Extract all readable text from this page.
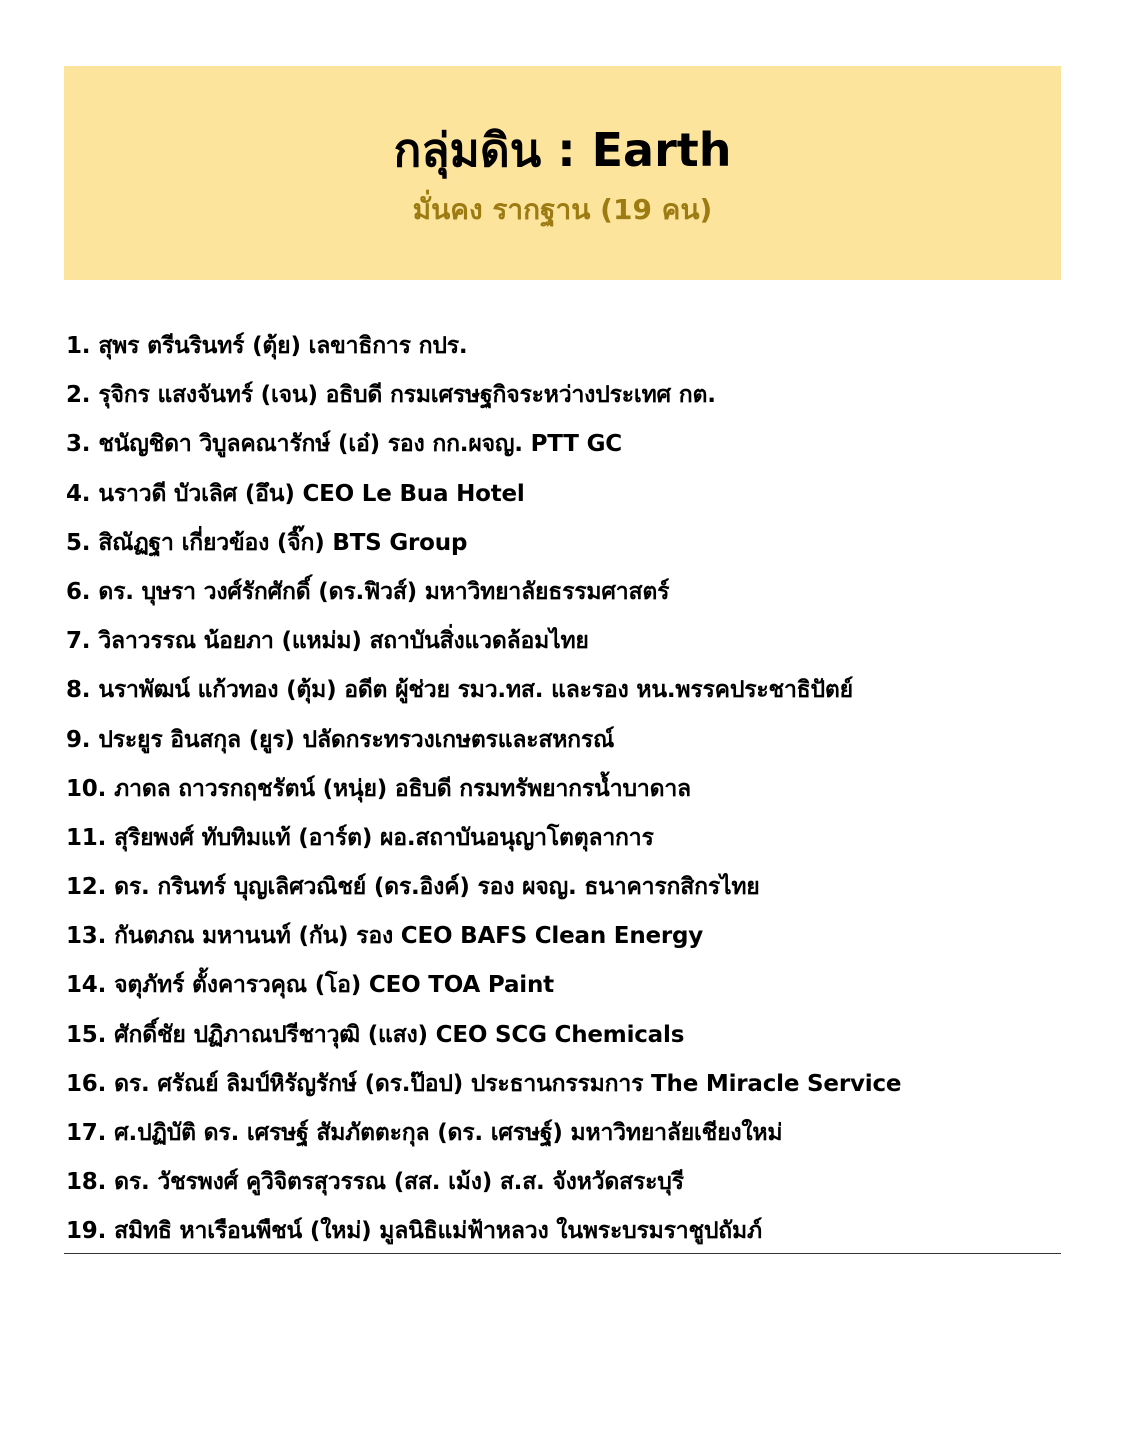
กลุ่มดิน : Earth
มั่นคง รากฐาน (19 คน)
1. สุพร ตรีนรินทร์ (ตุ้ย) เลขาธิการ กปร.
2. รุจิกร แสงจันทร์ (เจน) อธิบดี กรมเศรษฐกิจระหว่างประเทศ กต.
3. ชนัญชิดา วิบูลคณารักษ์ (เอ๋) รอง กก.ผจญ. PTT GC
4. นราวดี บัวเลิศ (อึน) CEO Le Bua Hotel
5. สิณัฏฐา เกี่ยวข้อง (จิ๊ก) BTS Group
6. ดร. บุษรา วงศ์รักศักดิ์ (ดร.ฟิวส์) มหาวิทยาลัยธรรมศาสตร์
7. วิลาวรรณ น้อยภา (แหม่ม) สถาบันสิ่งแวดล้อมไทย
8. นราพัฒน์ แก้วทอง (ตุ้ม) อดีต ผู้ช่วย รมว.ทส. และรอง หน.พรรคประชาธิปัตย์
9. ประยูร อินสกุล (ยูร) ปลัดกระทรวงเกษตรและสหกรณ์
10. ภาดล ถาวรกฤชรัตน์ (หนุ่ย) อธิบดี กรมทรัพยากรน้ำบาดาล
11. สุริยพงศ์ ทับทิมแท้ (อาร์ต) ผอ.สถาบันอนุญาโตตุลาการ
12. ดร. กรินทร์ บุญเลิศวณิชย์ (ดร.อิงค์) รอง ผจญ. ธนาคารกสิกรไทย
13. กันตภณ มหานนท์ (กัน) รอง CEO BAFS Clean Energy
14. จตุภัทร์ ตั้งคารวคุณ (โอ) CEO TOA Paint
15. ศักดิ์ชัย ปฏิภาณปรีชาวุฒิ (แสง) CEO SCG Chemicals
16. ดร. ศรัณย์ ลิมป์หิรัญรักษ์ (ดร.ป๊อป) ประธานกรรมการ The Miracle Service
17. ศ.ปฏิบัติ ดร. เศรษฐ์ สัมภัตตะกุล (ดร. เศรษฐ์) มหาวิทยาลัยเชียงใหม่
18. ดร. วัชรพงศ์ คูวิจิตรสุวรรณ (สส. เม้ง) ส.ส. จังหวัดสระบุรี
19. สมิทธิ หาเรือนพืชน์ (ใหม่) มูลนิธิแม่ฟ้าหลวง ในพระบรมราชูปถัมภ์
